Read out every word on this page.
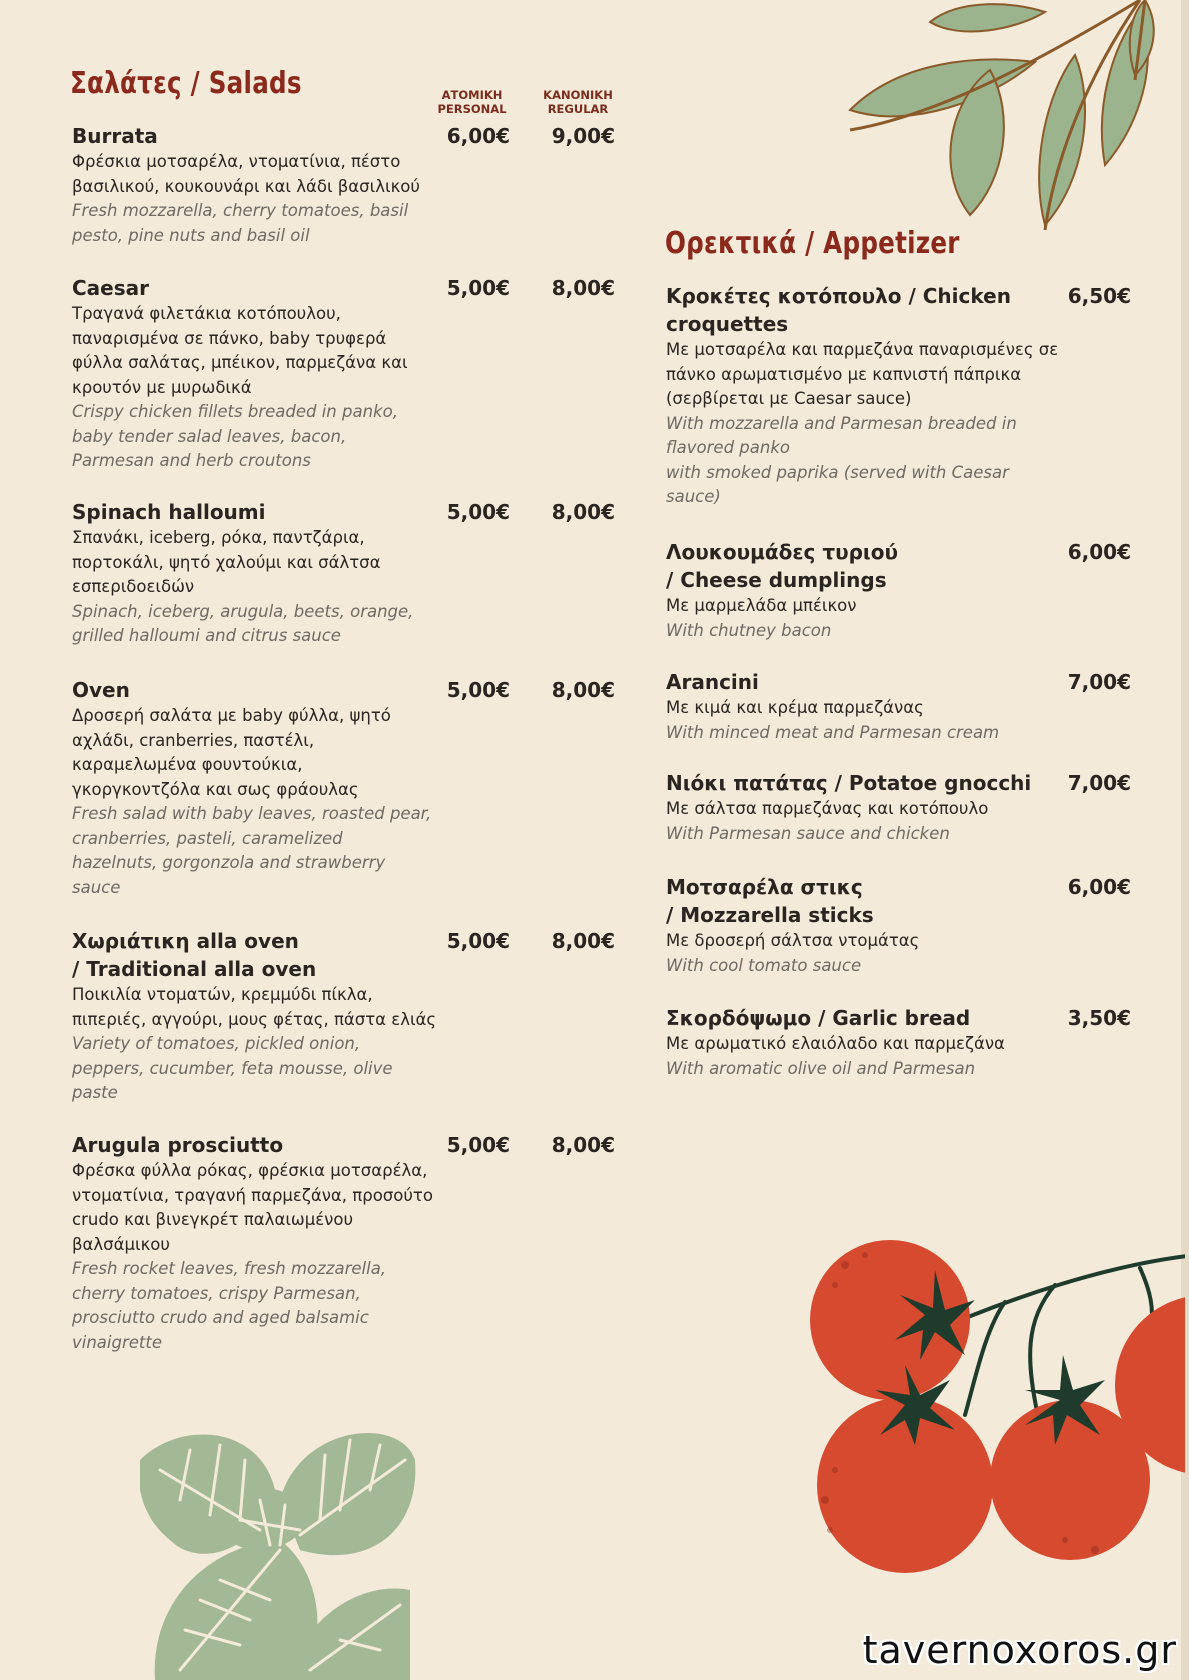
Σαλάτες / Salads	ΑΤΟΜΙΚΗ
PERSONAL
ΚΑΝΟΝΙΚΗ
REGULAR
Burrata
Φρέσκια μοτσαρέλα, ντοματίνια, πέστο
βασιλικού, κουκουνάρι και λάδι βασιλικού
Fresh mozzarella, cherry tomatoes, basil
pesto, pine nuts and basil oil
6,00€	9,00€
Caesar
Τραγανά φιλετάκια κοτόπουλου,
παναρισμένα σε πάνκο, baby τρυφερά
φύλλα σαλάτας, μπέικον, παρμεζάνα και
κρουτόν με μυρωδικά
Crispy chicken fillets breaded in panko,
baby tender salad leaves, bacon,
Parmesan and herb croutons
5,00€	8,00€
Spinach halloumi
Σπανάκι, iceberg, ρόκα, παντζάρια,
πορτοκάλι, ψητό χαλούμι και σάλτσα
εσπεριδοειδών
Spinach, iceberg, arugula, beets, orange,
grilled halloumi and citrus sauce
5,00€	8,00€
Oven
Δροσερή σαλάτα με baby φύλλα, ψητό
αχλάδι, cranberries, παστέλι,
καραμελωμένα φουντούκια,
γκοργκοντζόλα και σως φράουλας
Fresh salad with baby leaves, roasted pear,
cranberries, pasteli, caramelized
hazelnuts, gorgonzola and strawberry
sauce
5,00€	8,00€
Χωριάτικη alla oven
/ Traditional alla oven
Ποικιλία ντοματών, κρεμμύδι πίκλα,
πιπεριές, αγγούρι, μους φέτας, πάστα ελιάς
Variety of tomatoes, pickled onion,
peppers, cucumber, feta mousse, olive
paste
5,00€	8,00€
Arugula prosciutto
Φρέσκα φύλλα ρόκας, φρέσκια μοτσαρέλα,
ντοματίνια, τραγανή παρμεζάνα, προσούτο
crudo και βινεγκρέτ παλαιωμένου
βαλσάμικου
Fresh rocket leaves, fresh mozzarella,
cherry tomatoes, crispy Parmesan,
prosciutto crudo and aged balsamic
vinaigrette
5,00€	8,00€
Ορεκτικά / Appetizer
Κροκέτες κοτόπουλο / Chicken
croquettes
Με μοτσαρέλα και παρμεζάνα παναρισμένες σε
πάνκο αρωματισμένο με καπνιστή πάπρικα
(σερβίρεται με Caesar sauce)
With mozzarella and Parmesan breaded in
flavored panko
with smoked paprika (served with Caesar
sauce)
6,50€
Λουκουμάδες τυριού
/ Cheese dumplings
Με μαρμελάδα μπέικον
With chutney bacon
6,00€
Arancini
Με κιμά και κρέμα παρμεζάνας
With minced meat and Parmesan cream
7,00€
Νιόκι πατάτας / Potatoe gnocchi
Με σάλτσα παρμεζάνας και κοτόπουλο
With Parmesan sauce and chicken
7,00€
Μοτσαρέλα στικς
/ Mozzarella sticks
Με δροσερή σάλτσα ντομάτας
With cool tomato sauce
6,00€
Σκορδόψωμο / Garlic bread
Με αρωματικό ελαιόλαδο και παρμεζάνα
With aromatic olive oil and Parmesan
3,50€
tavernoxoros.gr
